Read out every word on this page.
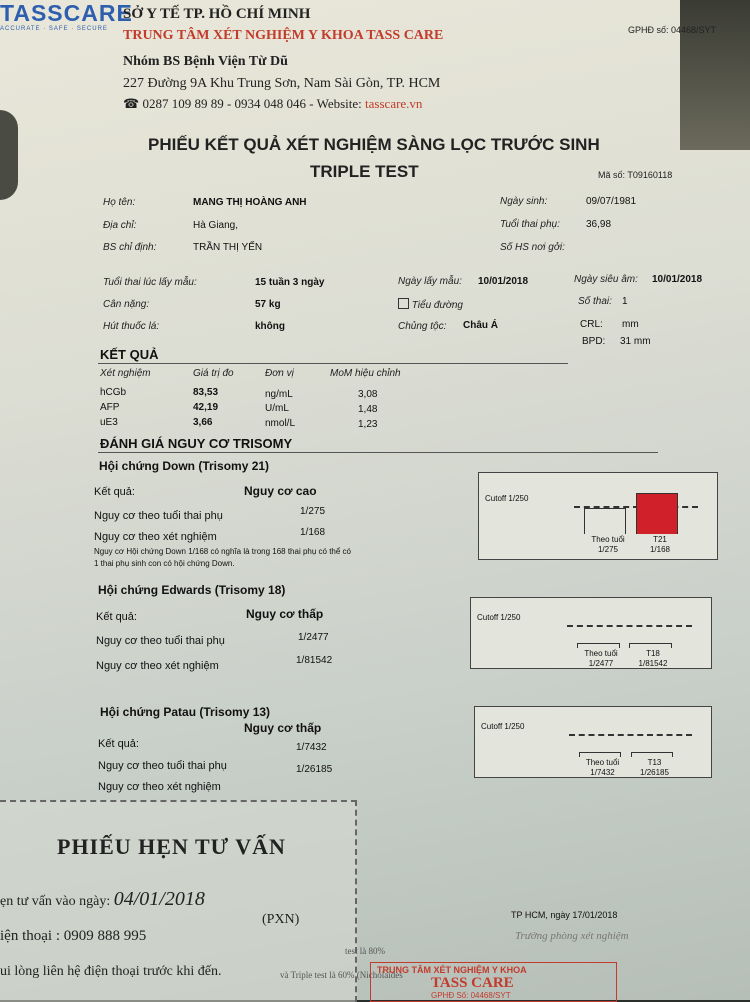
TASSCARE
ACCURATE · SAFE · SECURE
SỞ Y TẾ TP. HỒ CHÍ MINH
TRUNG TÂM XÉT NGHIỆM Y KHOA TASS CARE
Nhóm BS Bệnh Viện Từ Dũ
227 Đường 9A Khu Trung Sơn, Nam Sài Gòn, TP. HCM
☎ 0287 109 89 89 - 0934 048 046 - Website: tasscare.vn
GPHĐ số: 04468/SYT
PHIẾU KẾT QUẢ XÉT NGHIỆM SÀNG LỌC TRƯỚC SINH
TRIPLE TEST	Mã số: T09160118
Họ tên:	MANG THỊ HOÀNG ANH
Địa chỉ:	Hà Giang,
BS chỉ định:	TRẦN THỊ YẾN
Ngày sinh:	09/07/1981
Tuổi thai phụ:	36,98
Số HS nơi gởi:
Tuổi thai lúc lấy mẫu:	15 tuần 3 ngày
Cân nặng:	57 kg
Hút thuốc lá:	không
Ngày lấy mẫu: 10/01/2018
Tiểu đường
Chủng tộc: Châu Á
Ngày siêu âm: 10/01/2018
Số thai: 1
CRL: mm
BPD: 31 mm
KẾT QUẢ
Xét nghiệm	Giá trị đo	Đơn vị	MoM hiệu chỉnh
hCGb	83,53	ng/mL	3,08
AFP	42,19	U/mL	1,48
uE3	3,66	nmol/L	1,23
ĐÁNH GIÁ NGUY CƠ TRISOMY
Hội chứng Down (Trisomy 21)
Kết quả:	Nguy cơ cao
Nguy cơ theo tuổi thai phụ	1/275
Nguy cơ theo xét nghiệm	1/168
Nguy cơ Hội chứng Down 1/168 có nghĩa là trong 168 thai phụ có thể có
1 thai phụ sinh con có hội chứng Down.
Cutoff 1/250
Theo tuổi
1/275
T21
1/168
Hội chứng Edwards (Trisomy 18)
Kết quả:	Nguy cơ thấp
Nguy cơ theo tuổi thai phụ	1/2477
Nguy cơ theo xét nghiệm	1/81542
Cutoff 1/250
Theo tuổi
1/2477
T18
1/81542
Hội chứng Patau (Trisomy 13)
Kết quả:
Nguy cơ thấp
Nguy cơ theo tuổi thai phụ
1/7432
Nguy cơ theo xét nghiệm
1/26185
Cutoff 1/250
Theo tuổi
1/7432
T13
1/26185
PHIẾU HẸN TƯ VẤN
ẹn tư vấn vào ngày: 04/01/2018
(PXN)
iện thoại : 0909 888 995
ui lòng liên hệ điện thoại trước khi đến.
TP HCM, ngày 17/01/2018
Trưởng phòng xét nghiệm
và Triple test là 60% (Nicholaides
test là 80%
TRUNG TÂM XÉT NGHIỆM Y KHOA
TASS CARE
GPHĐ Số: 04468/SYT
